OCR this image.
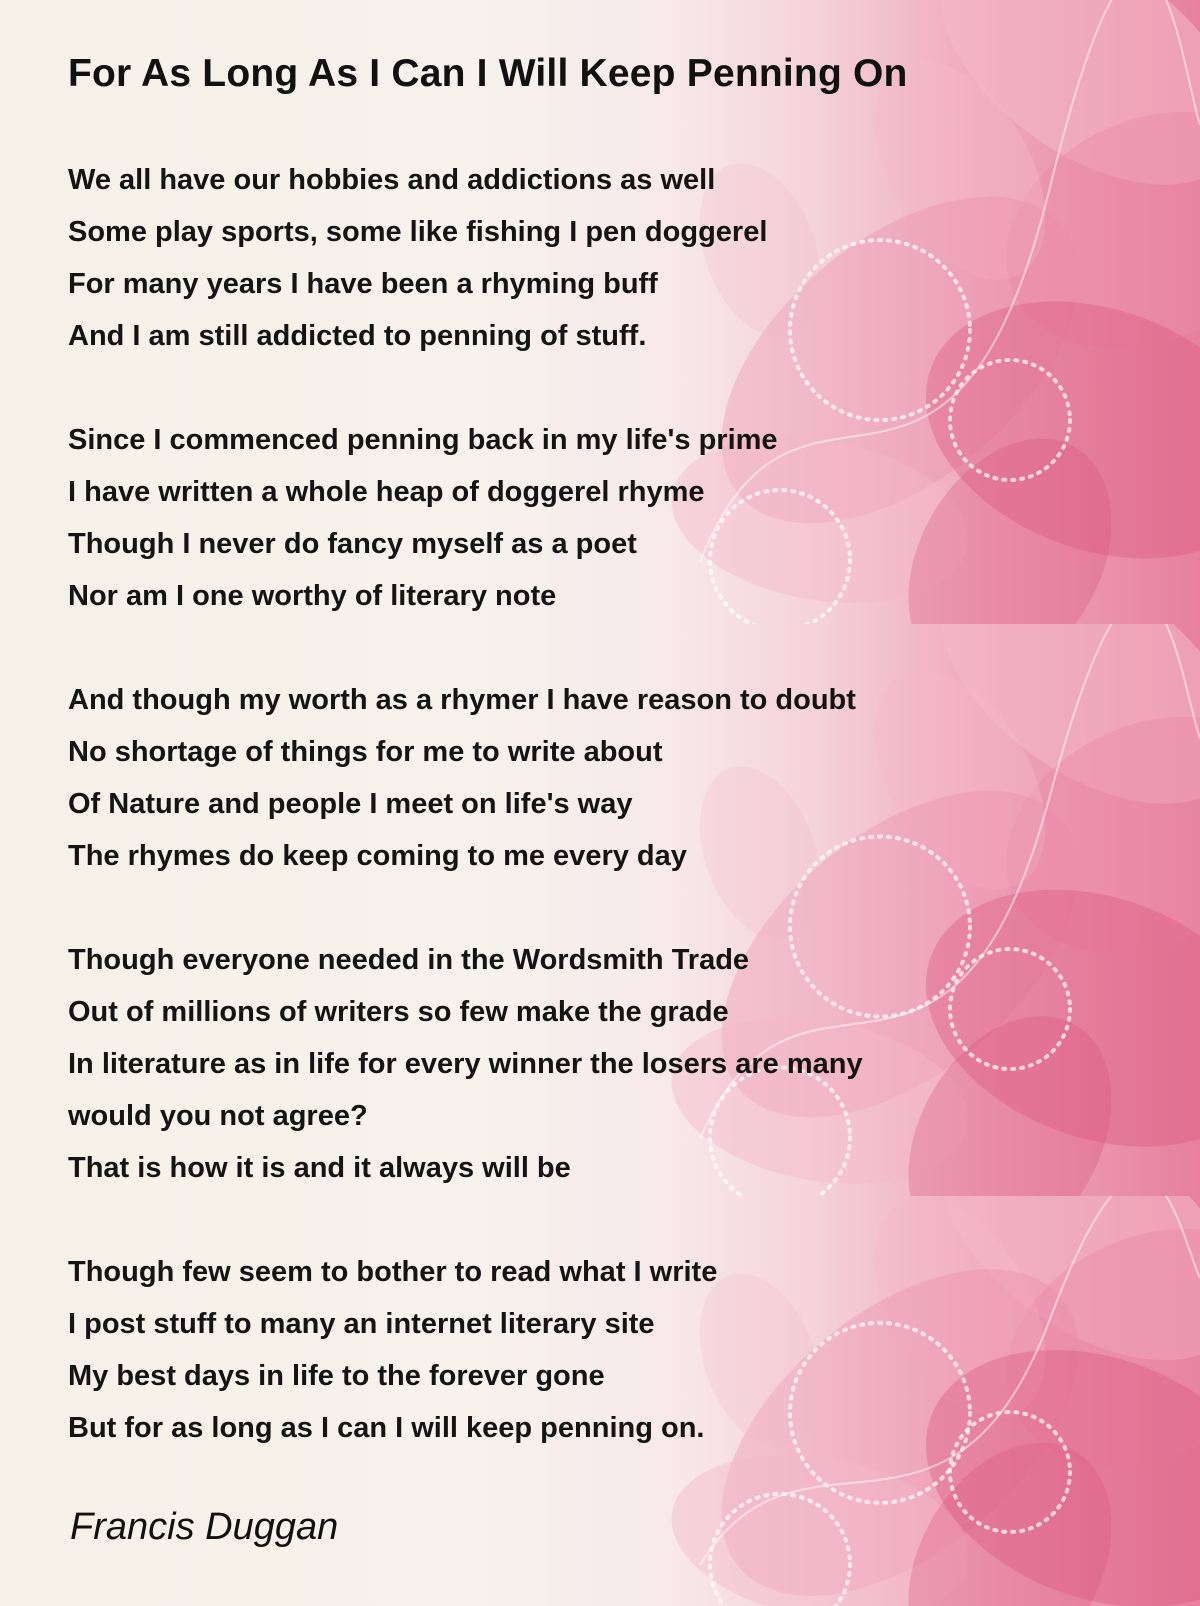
For As Long As I Can I Will Keep Penning On
We all have our hobbies and addictions as well
Some play sports, some like fishing I pen doggerel
For many years I have been a rhyming buff
And I am still addicted to penning of stuff.
Since I commenced penning back in my life's prime
I have written a whole heap of doggerel rhyme
Though I never do fancy myself as a poet
Nor am I one worthy of literary note
And though my worth as a rhymer I have reason to doubt
No shortage of things for me to write about
Of Nature and people I meet on life's way
The rhymes do keep coming to me every day
Though everyone needed in the Wordsmith Trade
Out of millions of writers so few make the grade
In literature as in life for every winner the losers are many
would you not agree?
That is how it is and it always will be
Though few seem to bother to read what I write
I post stuff to many an internet literary site
My best days in life to the forever gone
But for as long as I can I will keep penning on.
Francis Duggan
